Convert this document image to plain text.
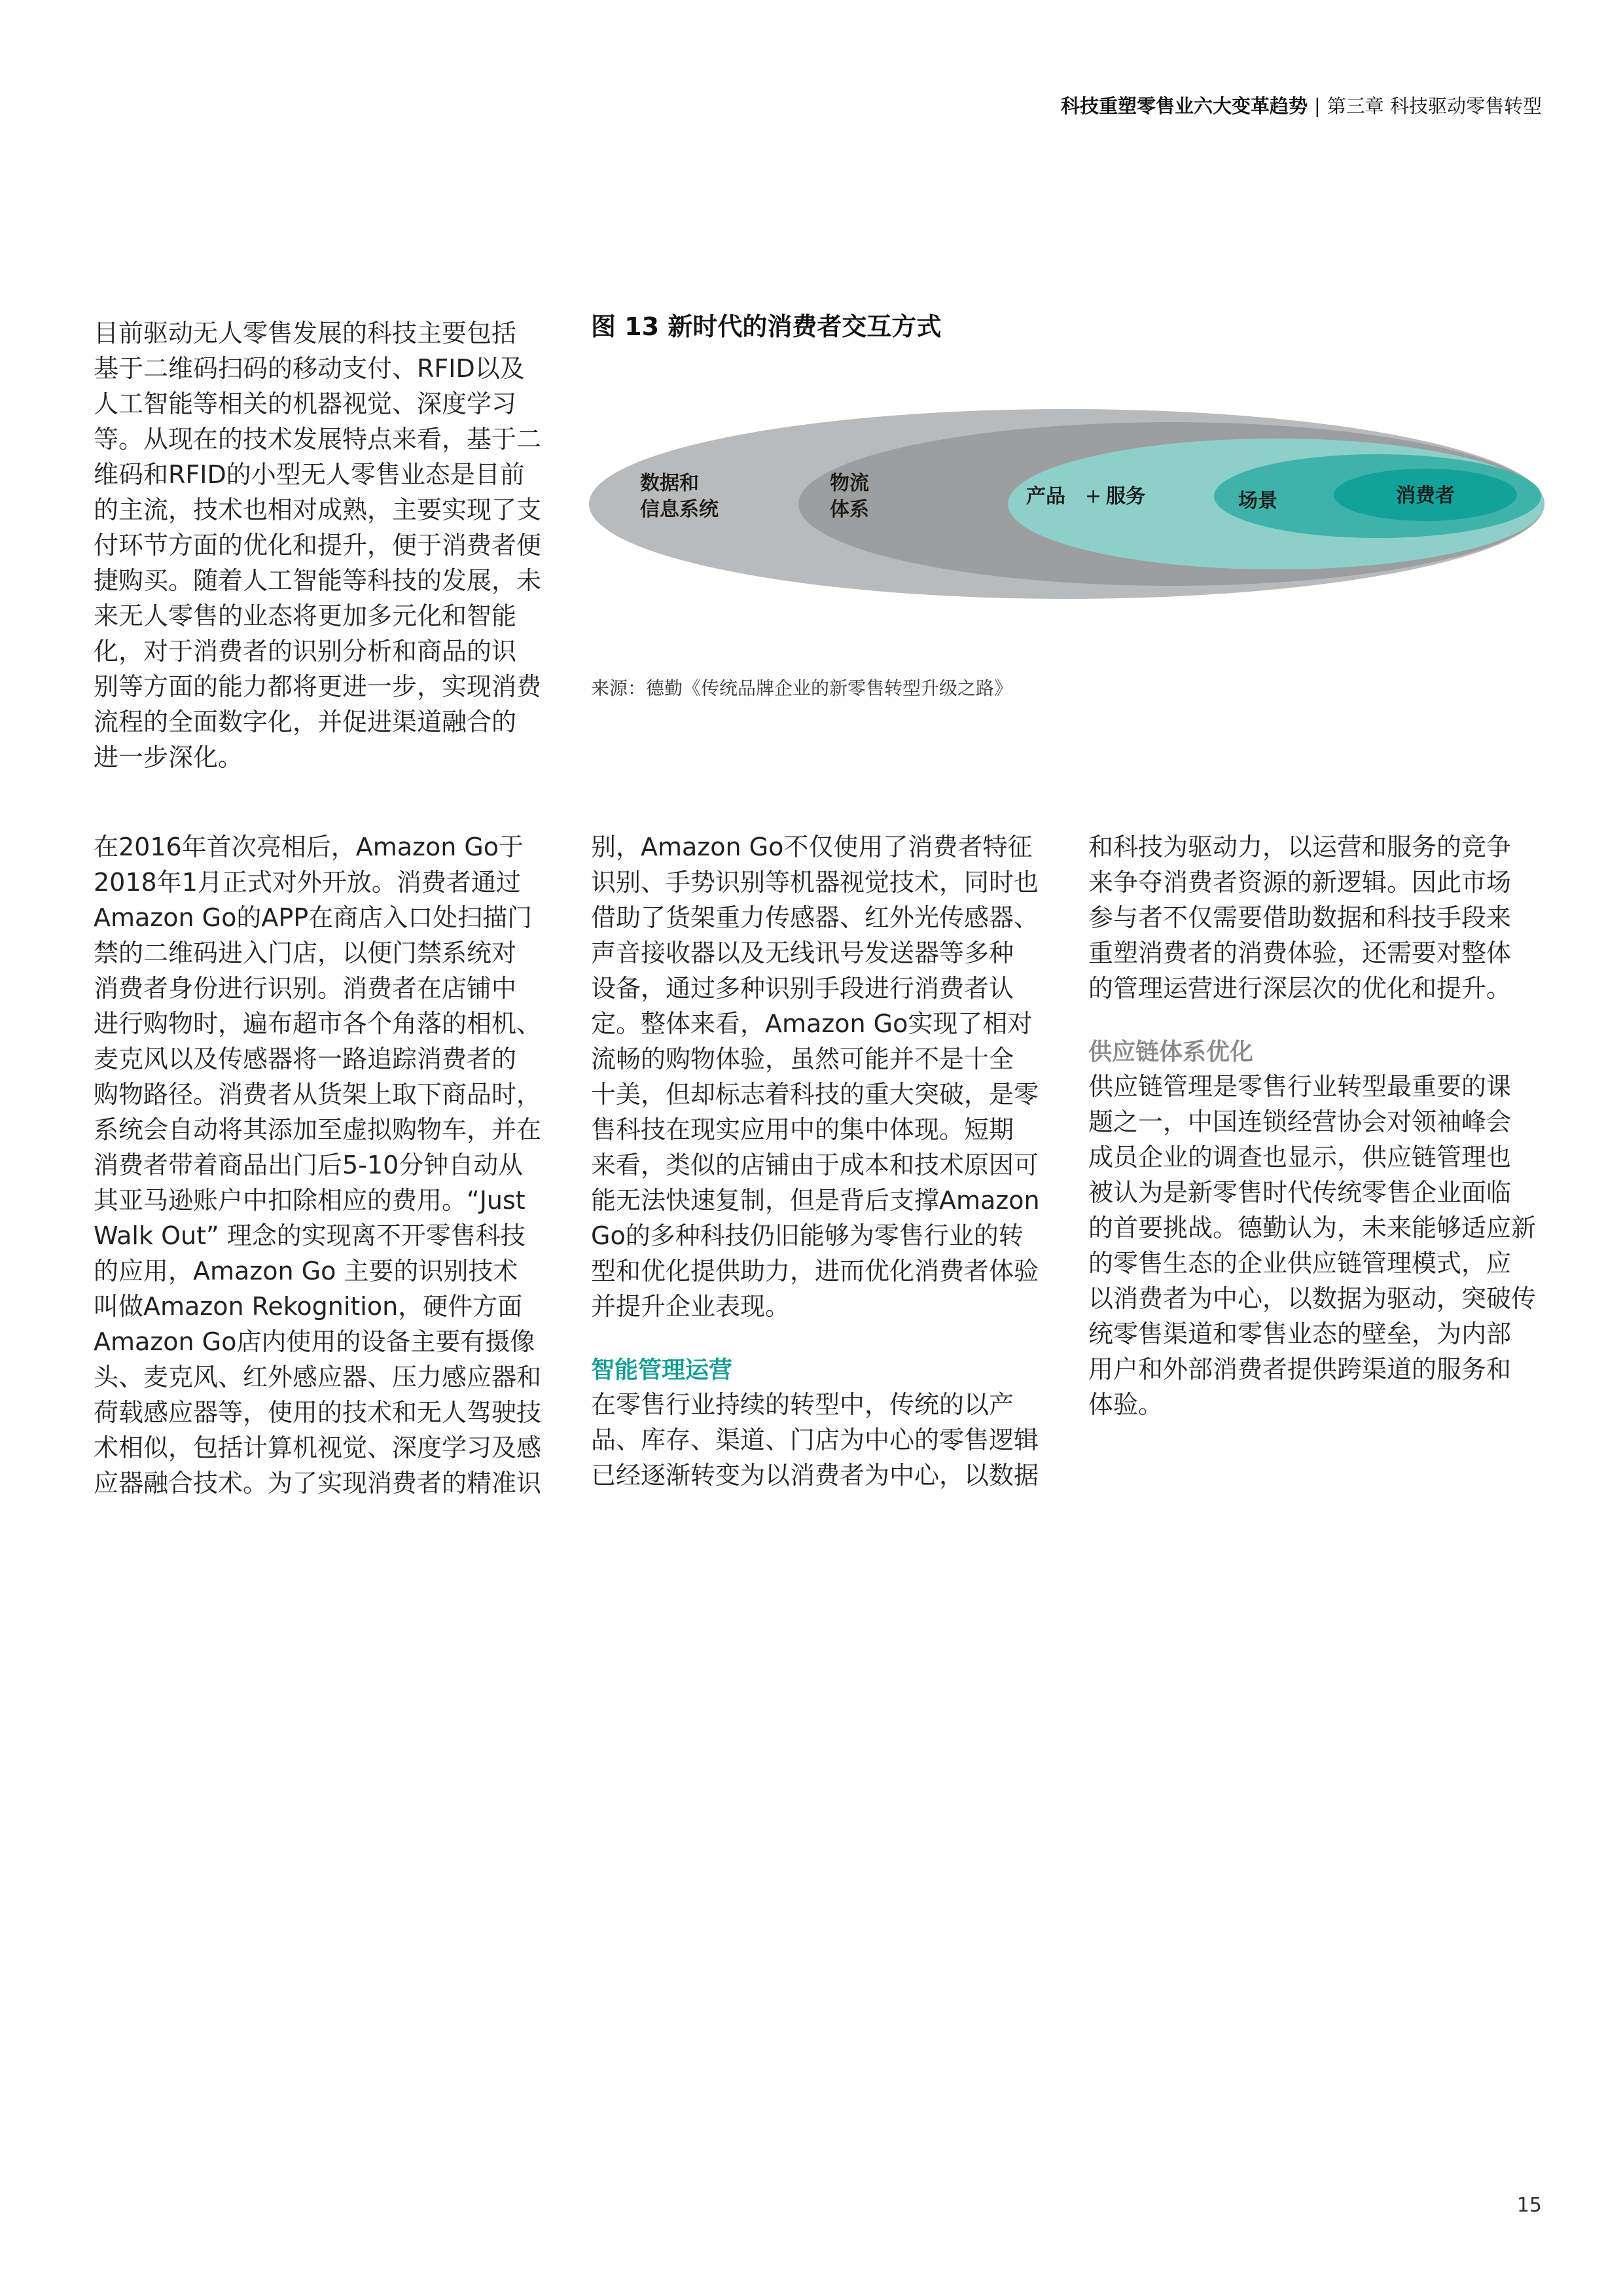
科技重塑零售业六大变革趋势 | 第三章 科技驱动零售转型

目前驱动无人零售发展的科技主要包括

基于二维码扫码的移动支付、RFID以及

人工智能等相关的机器视觉、深度学习

等。从现在的技术发展特点来看，基于二

维码和RFID的小型无人零售业态是目前

的主流，技术也相对成熟，主要实现了支

付环节方面的优化和提升，便于消费者便

捷购买。随着人工智能等科技的发展，未

来无人零售的业态将更加多元化和智能

化，对于消费者的识别分析和商品的识

别等方面的能力都将更进一步，实现消费

流程的全面数字化，并促进渠道融合的

进一步深化。

图 13 新时代的消费者交互方式
数据和
信息系统
物流
体系
产品 + 服务	场景	消费者
来源：德勤《传统品牌企业的新零售转型升级之路》

在2016年首次亮相后，Amazon Go于

2018年1月正式对外开放。消费者通过

Amazon Go的APP在商店入口处扫描门

禁的二维码进入门店，以便门禁系统对

消费者身份进行识别。消费者在店铺中

进行购物时，遍布超市各个角落的相机、

麦克风以及传感器将一路追踪消费者的

购物路径。消费者从货架上取下商品时，

系统会自动将其添加至虚拟购物车，并在

消费者带着商品出门后5-10分钟自动从

其亚马逊账户中扣除相应的费用。“Just

Walk Out” 理念的实现离不开零售科技

的应用，Amazon Go 主要的识别技术

叫做Amazon Rekognition，硬件方面

Amazon Go店内使用的设备主要有摄像

头、麦克风、红外感应器、压力感应器和

荷载感应器等，使用的技术和无人驾驶技

术相似，包括计算机视觉、深度学习及感

应器融合技术。为了实现消费者的精准识

别，Amazon Go不仅使用了消费者特征

识别、手势识别等机器视觉技术，同时也

借助了货架重力传感器、红外光传感器、

声音接收器以及无线讯号发送器等多种

设备，通过多种识别手段进行消费者认

定。整体来看，Amazon Go实现了相对

流畅的购物体验，虽然可能并不是十全

十美，但却标志着科技的重大突破，是零

售科技在现实应用中的集中体现。短期

来看，类似的店铺由于成本和技术原因可

能无法快速复制，但是背后支撑Amazon

Go的多种科技仍旧能够为零售行业的转

型和优化提供助力，进而优化消费者体验

并提升企业表现。

智能管理运营

在零售行业持续的转型中，传统的以产

品、库存、渠道、门店为中心的零售逻辑

已经逐渐转变为以消费者为中心，以数据

和科技为驱动力，以运营和服务的竞争

来争夺消费者资源的新逻辑。因此市场

参与者不仅需要借助数据和科技手段来

重塑消费者的消费体验，还需要对整体

的管理运营进行深层次的优化和提升。

供应链体系优化

供应链管理是零售行业转型最重要的课

题之一，中国连锁经营协会对领袖峰会

成员企业的调查也显示，供应链管理也

被认为是新零售时代传统零售企业面临

的首要挑战。德勤认为，未来能够适应新

的零售生态的企业供应链管理模式，应

以消费者为中心，以数据为驱动，突破传

统零售渠道和零售业态的壁垒，为内部

用户和外部消费者提供跨渠道的服务和

体验。

15
